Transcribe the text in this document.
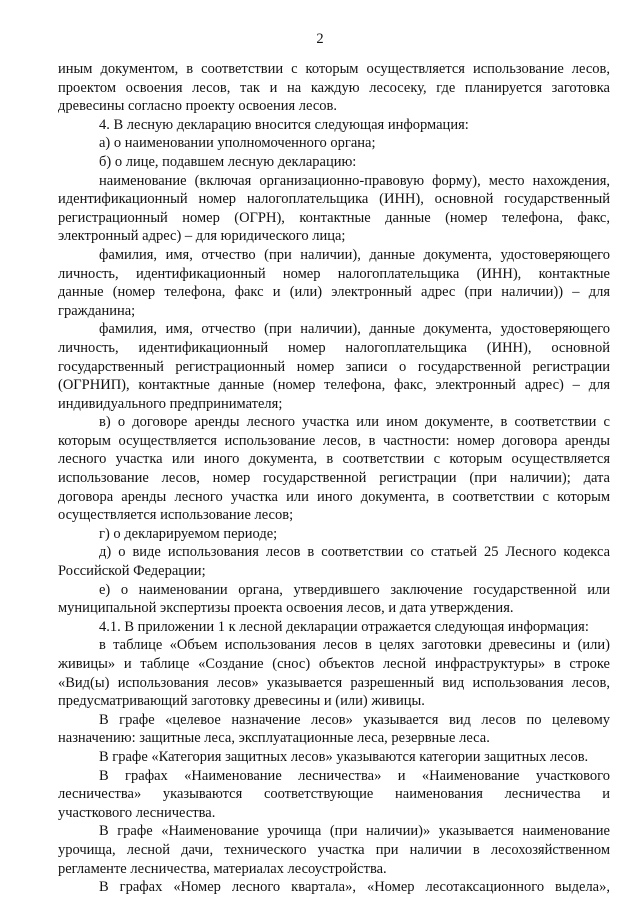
2
иным документом, в соответствии с которым осуществляется использование лесов,
проектом освоения лесов, так и на каждую лесосеку, где планируется заготовка
древесины согласно проекту освоения лесов.
4. В лесную декларацию вносится следующая информация:
а) о наименовании уполномоченного органа;
б) о лице, подавшем лесную декларацию:
наименование (включая организационно-правовую форму), место нахождения,
идентификационный номер налогоплательщика (ИНН), основной государственный
регистрационный номер (ОГРН), контактные данные (номер телефона, факс,
электронный адрес) – для юридического лица;
фамилия, имя, отчество (при наличии), данные документа, удостоверяющего
личность, идентификационный номер налогоплательщика (ИНН), контактные
данные (номер телефона, факс и (или) электронный адрес (при наличии)) – для
гражданина;
фамилия, имя, отчество (при наличии), данные документа, удостоверяющего
личность, идентификационный номер налогоплательщика (ИНН), основной
государственный регистрационный номер записи о государственной регистрации
(ОГРНИП), контактные данные (номер телефона, факс, электронный адрес) – для
индивидуального предпринимателя;
в) о договоре аренды лесного участка или ином документе, в соответствии с
которым осуществляется использование лесов, в частности: номер договора аренды
лесного участка или иного документа, в соответствии с которым осуществляется
использование лесов, номер государственной регистрации (при наличии); дата
договора аренды лесного участка или иного документа, в соответствии с которым
осуществляется использование лесов;
г) о декларируемом периоде;
д) о виде использования лесов в соответствии со статьей 25 Лесного кодекса
Российской Федерации;
е) о наименовании органа, утвердившего заключение государственной или
муниципальной экспертизы проекта освоения лесов, и дата утверждения.
4.1. В приложении 1 к лесной декларации отражается следующая информация:
в таблице «Объем использования лесов в целях заготовки древесины и (или)
живицы» и таблице «Создание (снос) объектов лесной инфраструктуры» в строке
«Вид(ы) использования лесов» указывается разрешенный вид использования лесов,
предусматривающий заготовку древесины и (или) живицы.
В графе «целевое назначение лесов» указывается вид лесов по целевому
назначению: защитные леса, эксплуатационные леса, резервные леса.
В графе «Категория защитных лесов» указываются категории защитных лесов.
В графах «Наименование лесничества» и «Наименование участкового
лесничества» указываются соответствующие наименования лесничества и
участкового лесничества.
В графе «Наименование урочища (при наличии)» указывается наименование
урочища, лесной дачи, технического участка при наличии в лесохозяйственном
регламенте лесничества, материалах лесоустройства.
В графах «Номер лесного квартала», «Номер лесотаксационного выдела»,
